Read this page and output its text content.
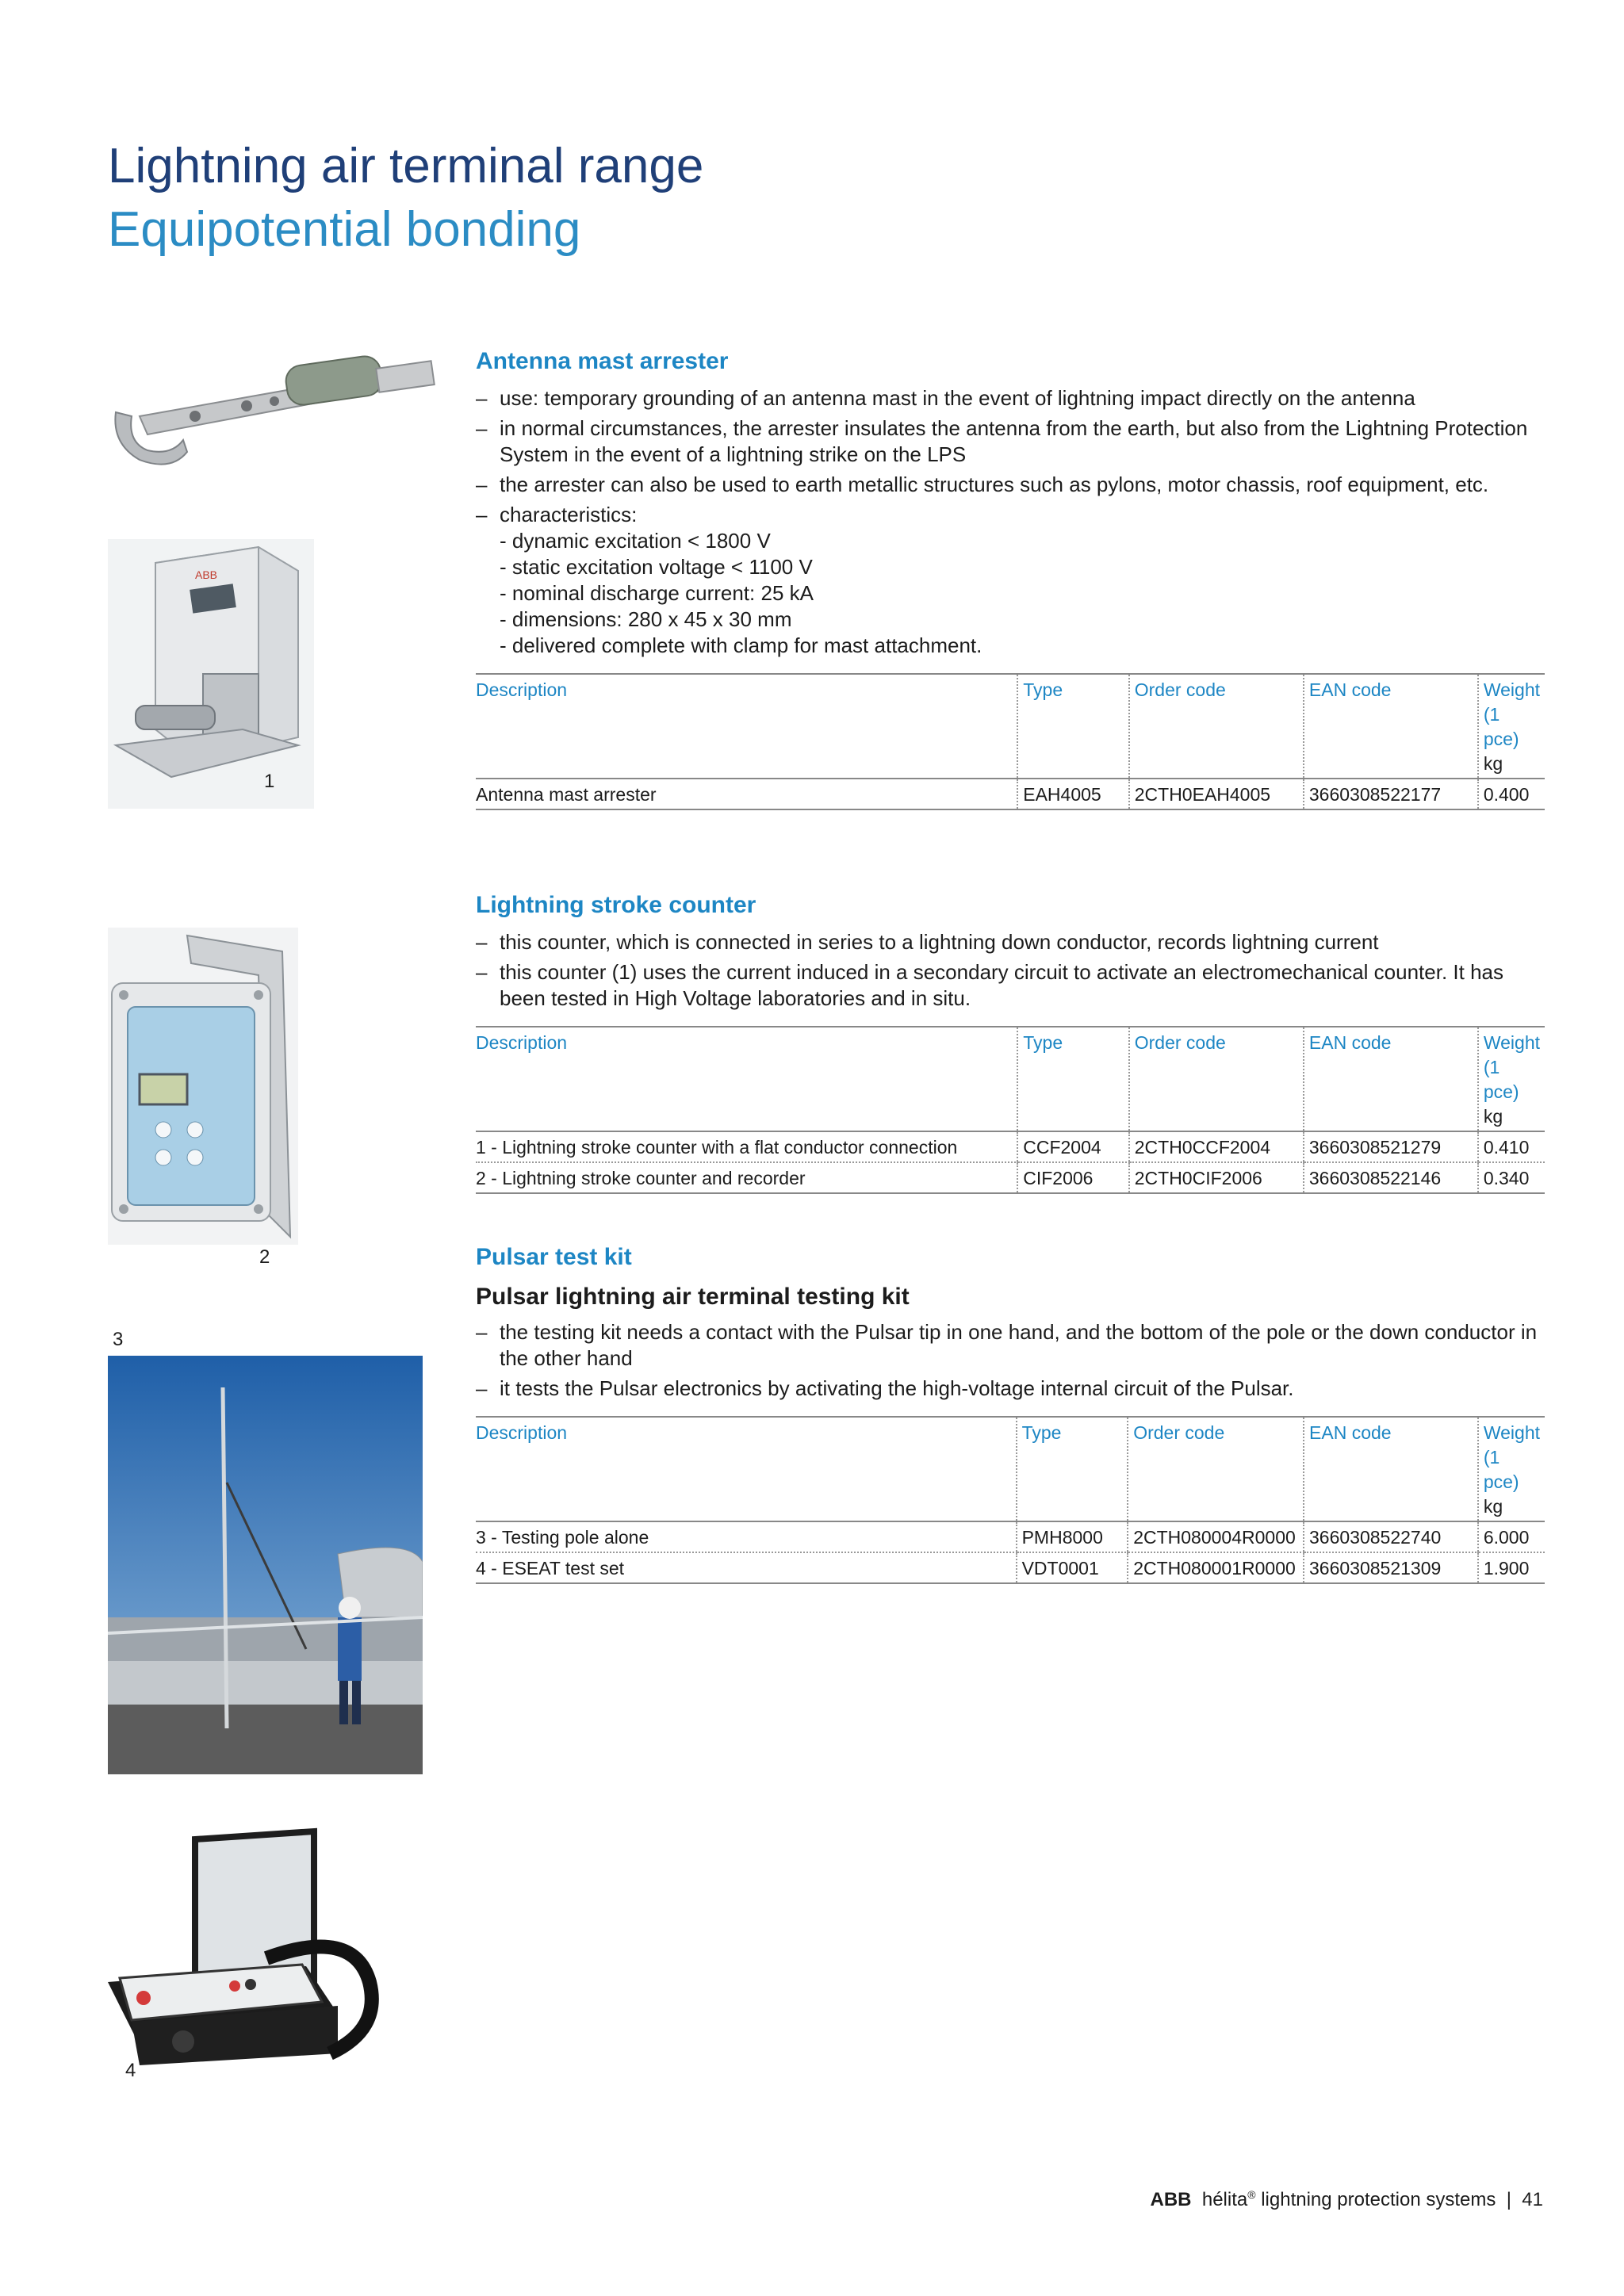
Lightning air terminal range
Equipotential bonding
ABB
1
2
3
4
Antenna mast arrester
– use: temporary grounding of an antenna mast in the event of lightning impact directly on the antenna
– in normal circumstances, the arrester insulates the antenna from the earth, but also from the Lightning Protection System in the event of a lightning strike on the LPS
– the arrester can also be used to earth metallic structures such as pylons, motor chassis, roof equipment, etc.
– characteristics:
- dynamic excitation < 1800 V
- static excitation voltage < 1100 V
- nominal discharge current: 25 kA
- dimensions: 280 x 45 x 30 mm
- delivered complete with clamp for mast attachment.
Description	Type	Order code	EAN code	Weight
(1 pce)
kg

Antenna mast arrester	EAH4005	2CTH0EAH4005	3660308522177	0.400
Lightning stroke counter
– this counter, which is connected in series to a lightning down conductor, records lightning current
– this counter (1) uses the current induced in a secondary circuit to activate an electromechanical counter. It has been tested in High Voltage laboratories and in situ.
Description	Type	Order code	EAN code	Weight
(1 pce)
kg

1 - Lightning stroke counter with a flat conductor connection	CCF2004	2CTH0CCF2004	3660308521279	0.410
2 - Lightning stroke counter and recorder	CIF2006	2CTH0CIF2006	3660308522146	0.340
Pulsar test kit
Pulsar lightning air terminal testing kit
– the testing kit needs a contact with the Pulsar tip in one hand, and the bottom of the pole or the down conductor in the other hand
– it tests the Pulsar electronics by activating the high-voltage internal circuit of the Pulsar.
Description	Type	Order code	EAN code	Weight
(1 pce)
kg

3 - Testing pole alone	PMH8000	2CTH080004R0000	3660308522740	6.000
4 - ESEAT test set	VDT0001	2CTH080001R0000	3660308521309	1.900
ABB hélita® lightning protection systems | 41
